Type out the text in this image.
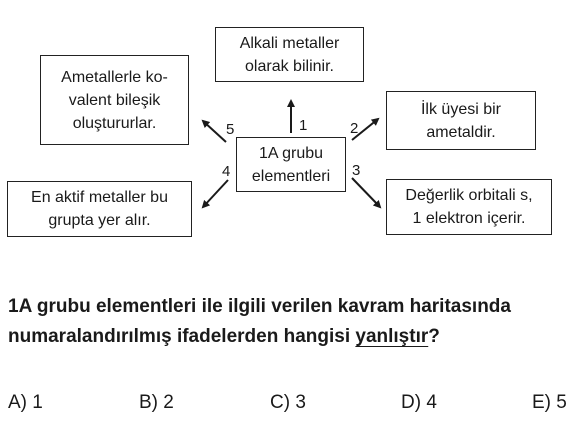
1A grubu
elementleri
Alkali metaller
olarak bilinir.
1
İlk üyesi bir
ametaldir.
2
Değerlik orbitali s,
1 elektron içerir.
3
En aktif metaller bu
grupta yer alır.
4
Ametallerle ko-
valent bileşik
oluştururlar.	5
1A grubu elementleri ile ilgili verilen kavram haritasında numaralandırılmış ifadelerden hangisi yanlıştır?
A) 1	B) 2	C) 3	D) 4	E) 5
